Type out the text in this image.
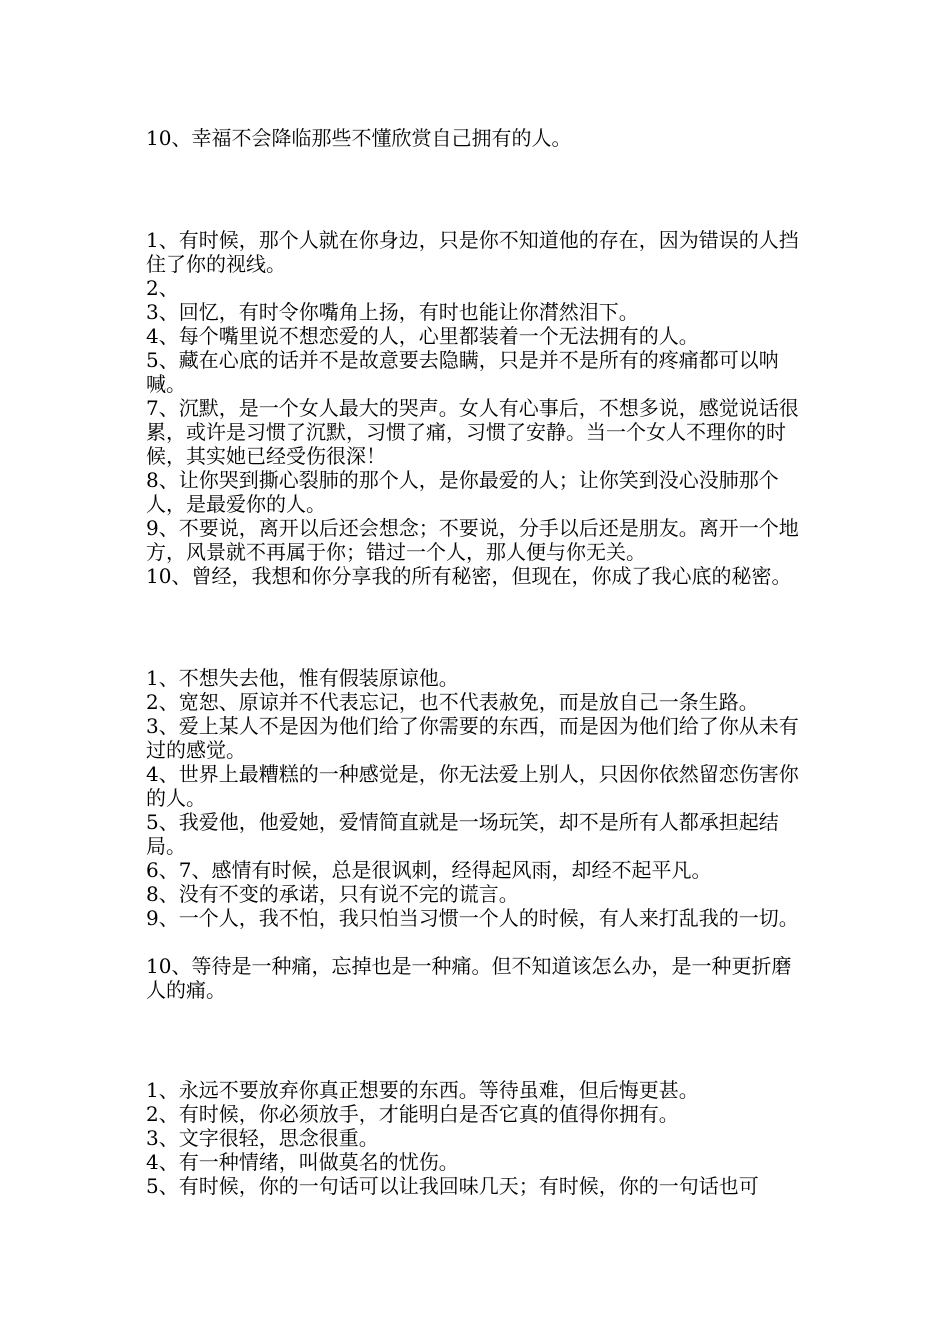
10、幸福不会降临那些不懂欣赏自己拥有的人。

1、有时候，那个人就在你身边，只是你不知道他的存在，因为错误的人挡住了你的视线。

2、

3、回忆，有时令你嘴角上扬，有时也能让你潸然泪下。

4、每个嘴里说不想恋爱的人，心里都装着一个无法拥有的人。

5、藏在心底的话并不是故意要去隐瞒，只是并不是所有的疼痛都可以呐喊。

7、沉默，是一个女人最大的哭声。女人有心事后，不想多说，感觉说话很累，或许是习惯了沉默，习惯了痛，习惯了安静。当一个女人不理你的时候，其实她已经受伤很深！

8、让你哭到撕心裂肺的那个人，是你最爱的人；让你笑到没心没肺那个人，是最爱你的人。

9、不要说，离开以后还会想念；不要说，分手以后还是朋友。离开一个地方，风景就不再属于你；错过一个人，那人便与你无关。

10、曾经，我想和你分享我的所有秘密，但现在，你成了我心底的秘密。

1、不想失去他，惟有假装原谅他。

2、宽恕、原谅并不代表忘记，也不代表赦免，而是放自己一条生路。

3、爱上某人不是因为他们给了你需要的东西，而是因为他们给了你从未有过的感觉。

4、世界上最糟糕的一种感觉是，你无法爱上别人，只因你依然留恋伤害你的人。

5、我爱他，他爱她，爱情简直就是一场玩笑，却不是所有人都承担起结局。

6、7、感情有时候，总是很讽刺，经得起风雨，却经不起平凡。

8、没有不变的承诺，只有说不完的谎言。

9、一个人，我不怕，我只怕当习惯一个人的时候，有人来打乱我的一切。

10、等待是一种痛，忘掉也是一种痛。但不知道该怎么办，是一种更折磨人的痛。

1、永远不要放弃你真正想要的东西。等待虽难，但后悔更甚。

2、有时候，你必须放手，才能明白是否它真的值得你拥有。

3、文字很轻，思念很重。

4、有一种情绪，叫做莫名的忧伤。

5、有时候，你的一句话可以让我回味几天；有时候，你的一句话也可
